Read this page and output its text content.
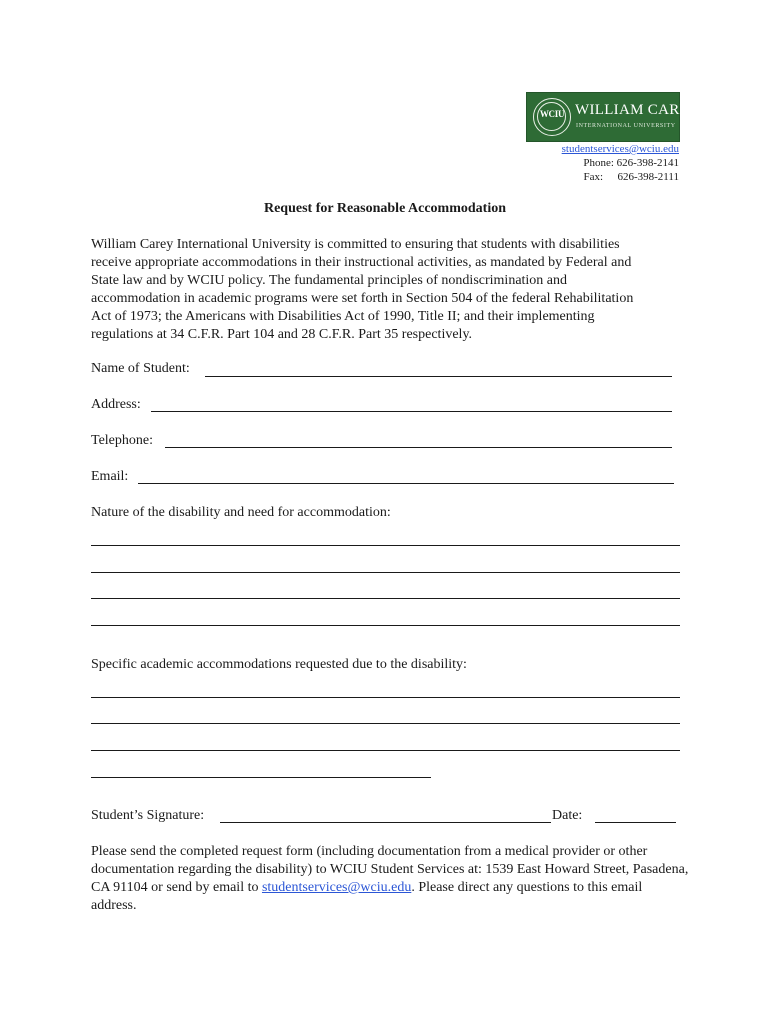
WCIU WILLIAM CAREY
INTERNATIONAL UNIVERSITY
studentservices@wciu.edu
Phone: 626-398-2141
Fax: 626-398-2111
Request for Reasonable Accommodation

William Carey International University is committed to ensuring that students with disabilities
receive appropriate accommodations in their instructional activities, as mandated by Federal and
State law and by WCIU policy. The fundamental principles of nondiscrimination and
accommodation in academic programs were set forth in Section 504 of the federal Rehabilitation
Act of 1973; the Americans with Disabilities Act of 1990, Title II; and their implementing
regulations at 34 C.F.R. Part 104 and 28 C.F.R. Part 35 respectively.

Name of Student:
Address:
Telephone:
Email:
Nature of the disability and need for accommodation:
Specific academic accommodations requested due to the disability:
Student’s Signature:	Date:

Please send the completed request form (including documentation from a medical provider or other documentation regarding the disability) to WCIU Student Services at: 1539 East Howard Street, Pasadena, CA 91104 or send by email to studentservices@wciu.edu. Please direct any questions to this email address.
